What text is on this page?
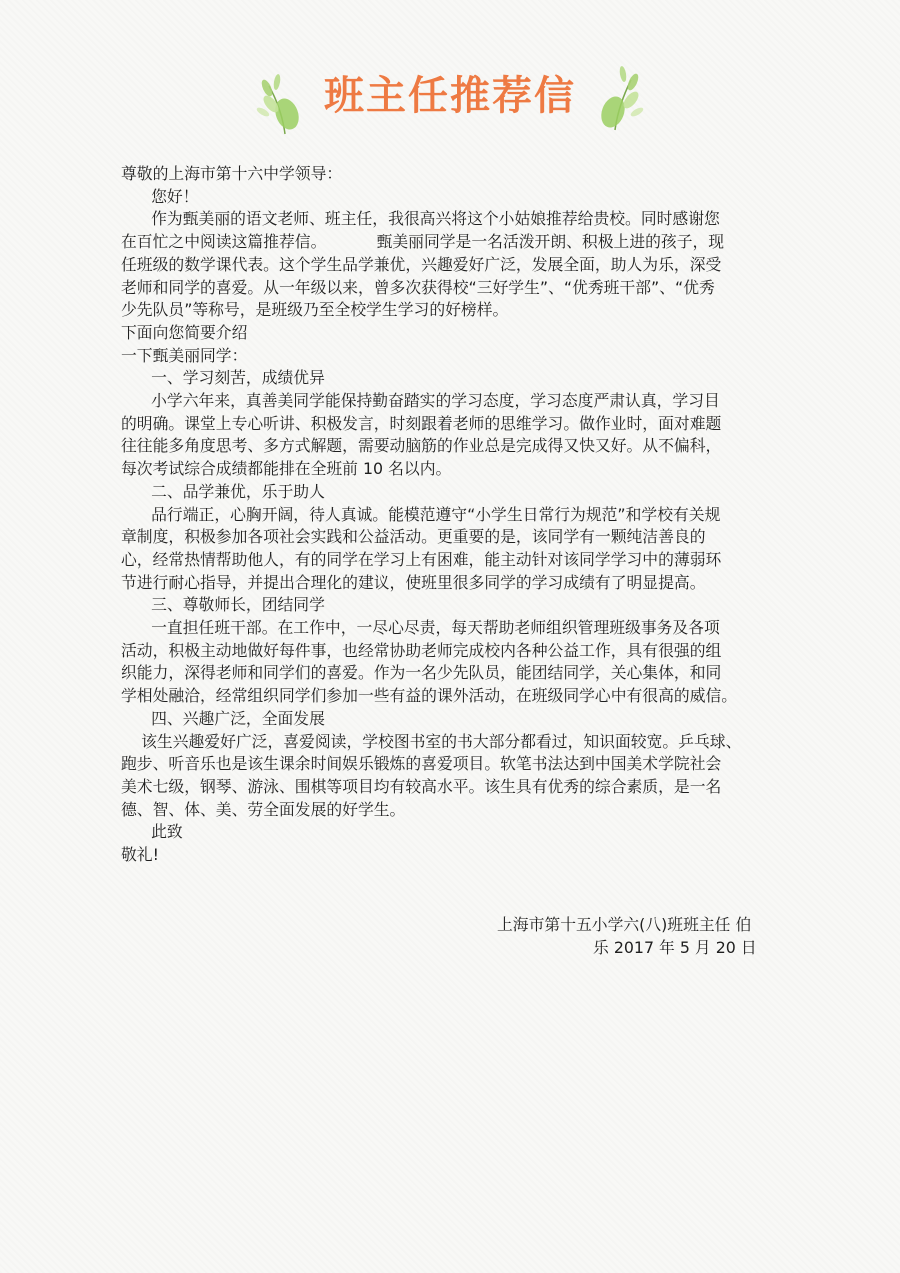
班主任推荐信

尊敬的上海市第十六中学领导：

您好！

作为甄美丽的语文老师、班主任，我很高兴将这个小姑娘推荐给贵校。同时感谢您

在百忙之中阅读这篇推荐信。          甄美丽同学是一名活泼开朗、积极上进的孩子，现

任班级的数学课代表。这个学生品学兼优，兴趣爱好广泛，发展全面，助人为乐，深受

老师和同学的喜爱。从一年级以来，曾多次获得校“三好学生”、“优秀班干部”、“优秀

少先队员”等称号，是班级乃至全校学生学习的好榜样。

下面向您简要介绍

一下甄美丽同学：

一、学习刻苦，成绩优异

小学六年来，真善美同学能保持勤奋踏实的学习态度，学习态度严肃认真，学习目

的明确。课堂上专心听讲、积极发言，时刻跟着老师的思维学习。做作业时，面对难题

往往能多角度思考、多方式解题，需要动脑筋的作业总是完成得又快又好。从不偏科，

每次考试综合成绩都能排在全班前 10 名以内。

二、品学兼优，乐于助人

品行端正，心胸开阔，待人真诚。能模范遵守“小学生日常行为规范”和学校有关规

章制度，积极参加各项社会实践和公益活动。更重要的是，该同学有一颗纯洁善良的

心，经常热情帮助他人，有的同学在学习上有困难，能主动针对该同学学习中的薄弱环

节进行耐心指导，并提出合理化的建议，使班里很多同学的学习成绩有了明显提高。

三、尊敬师长，团结同学

一直担任班干部。在工作中，一尽心尽责，每天帮助老师组织管理班级事务及各项

活动，积极主动地做好每件事，也经常协助老师完成校内各种公益工作，具有很强的组

织能力，深得老师和同学们的喜爱。作为一名少先队员，能团结同学，关心集体，和同

学相处融洽，经常组织同学们参加一些有益的课外活动，在班级同学心中有很高的威信。

四、兴趣广泛，全面发展

该生兴趣爱好广泛，喜爱阅读，学校图书室的书大部分都看过，知识面较宽。乒乓球、

跑步、听音乐也是该生课余时间娱乐锻炼的喜爱项目。软笔书法达到中国美术学院社会

美术七级，钢琴、游泳、围棋等项目均有较高水平。该生具有优秀的综合素质，是一名

德、智、体、美、劳全面发展的好学生。

此致

敬礼!

上海市第十五小学六(八)班班主任 伯

乐 2017 年 5 月 20 日
